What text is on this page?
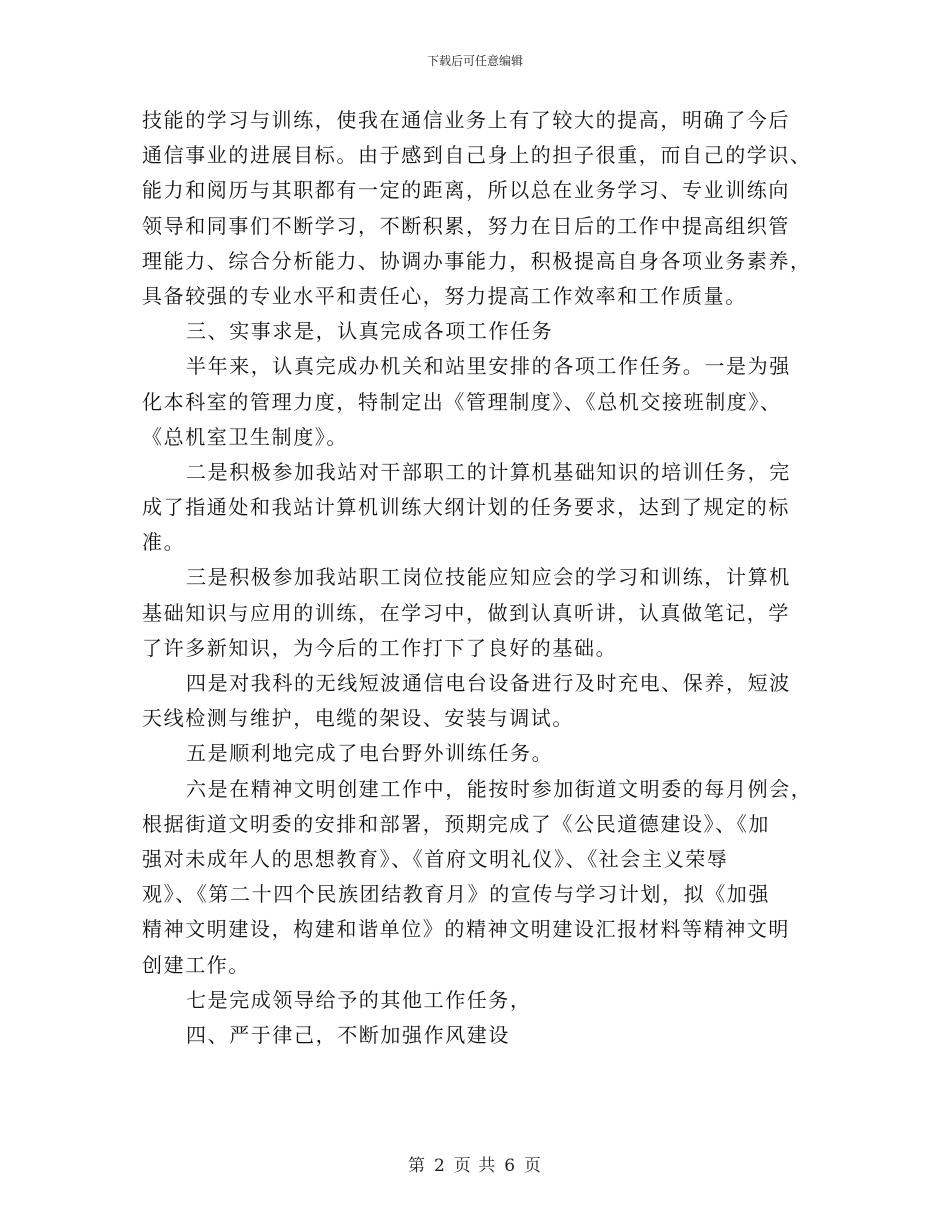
下载后可任意编辑
技能的学习与训练，使我在通信业务上有了较大的提高，明确了今后
通信事业的进展目标。由于感到自己身上的担子很重，而自己的学识、
能力和阅历与其职都有一定的距离，所以总在业务学习、专业训练向
领导和同事们不断学习，不断积累，努力在日后的工作中提高组织管
理能力、综合分析能力、协调办事能力，积极提高自身各项业务素养，
具备较强的专业水平和责任心，努力提高工作效率和工作质量。
三、实事求是，认真完成各项工作任务
半年来，认真完成办机关和站里安排的各项工作任务。一是为强
化本科室的管理力度，特制定出《管理制度》、《总机交接班制度》、
《总机室卫生制度》。
二是积极参加我站对干部职工的计算机基础知识的培训任务，完
成了指通处和我站计算机训练大纲计划的任务要求，达到了规定的标
准。
三是积极参加我站职工岗位技能应知应会的学习和训练，计算机
基础知识与应用的训练，在学习中，做到认真听讲，认真做笔记，学
了许多新知识，为今后的工作打下了良好的基础。
四是对我科的无线短波通信电台设备进行及时充电、保养，短波
天线检测与维护，电缆的架设、安装与调试。
五是顺利地完成了电台野外训练任务。
六是在精神文明创建工作中，能按时参加街道文明委的每月例会，
根据街道文明委的安排和部署，预期完成了《公民道德建设》、《加
强对未成年人的思想教育》、《首府文明礼仪》、《社会主义荣辱
观》、《第二十四个民族团结教育月》的宣传与学习计划，拟《加强
精神文明建设，构建和谐单位》的精神文明建设汇报材料等精神文明
创建工作。
七是完成领导给予的其他工作任务，
四、严于律己，不断加强作风建设
第 2 页 共 6 页
